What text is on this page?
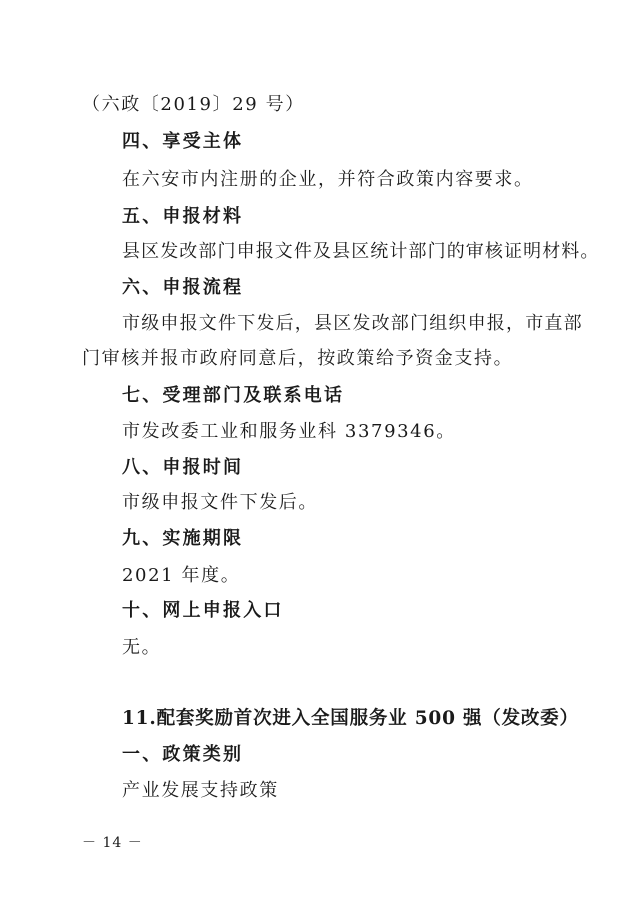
（六政〔2019〕29 号）
四、享受主体
在六安市内注册的企业，并符合政策内容要求。
五、申报材料
县区发改部门申报文件及县区统计部门的审核证明材料。
六、申报流程
市级申报文件下发后，县区发改部门组织申报，市直部
门审核并报市政府同意后，按政策给予资金支持。
七、受理部门及联系电话
市发改委工业和服务业科 3379346。
八、申报时间
市级申报文件下发后。
九、实施期限
2021 年度。
十、网上申报入口
无。
11.配套奖励首次进入全国服务业 500 强（发改委）
一、政策类别
产业发展支持政策
－ 14 －
